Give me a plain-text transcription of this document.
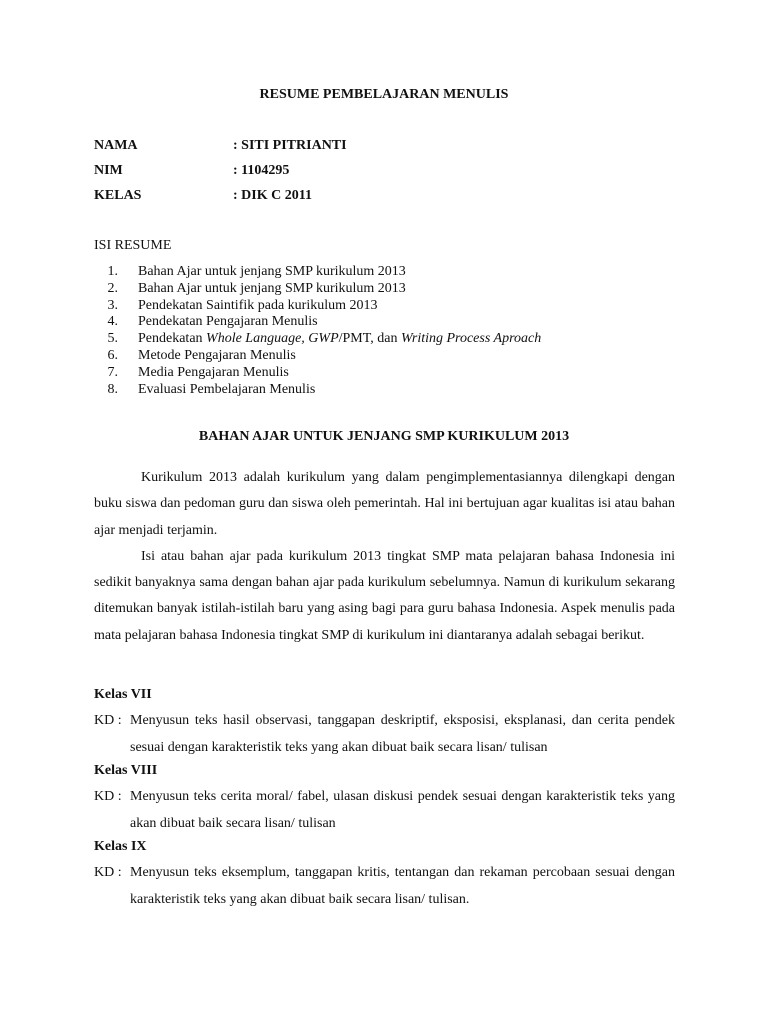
RESUME PEMBELAJARAN MENULIS
NAMA	: SITI PITRIANTI
NIM	: 1104295
KELAS	: DIK C 2011
ISI RESUME
1.	Bahan Ajar untuk jenjang SMP kurikulum 2013
2.	Bahan Ajar untuk jenjang SMP kurikulum 2013
3.	Pendekatan Saintifik pada kurikulum 2013
4.	Pendekatan Pengajaran Menulis
5.	Pendekatan Whole Language, GWP/PMT, dan Writing Process Aproach
6.	Metode Pengajaran Menulis
7.	Media Pengajaran Menulis
8.	Evaluasi Pembelajaran Menulis
BAHAN AJAR UNTUK JENJANG SMP KURIKULUM 2013

Kurikulum 2013 adalah kurikulum yang dalam pengimplementasiannya dilengkapi dengan buku siswa dan pedoman guru dan siswa oleh pemerintah. Hal ini bertujuan agar kualitas isi atau bahan ajar menjadi terjamin.

Isi atau bahan ajar pada kurikulum 2013 tingkat SMP mata pelajaran bahasa Indonesia ini sedikit banyaknya sama dengan bahan ajar pada kurikulum sebelumnya. Namun di kurikulum sekarang ditemukan banyak istilah-istilah baru yang asing bagi para guru bahasa Indonesia. Aspek menulis pada mata pelajaran bahasa Indonesia tingkat SMP di kurikulum ini diantaranya adalah sebagai berikut.

Kelas VII

KD : Menyusun teks hasil observasi, tanggapan deskriptif, eksposisi, eksplanasi, dan cerita pendek sesuai dengan karakteristik teks yang akan dibuat baik secara lisan/ tulisan

Kelas VIII

KD : Menyusun teks cerita moral/ fabel, ulasan diskusi pendek sesuai dengan karakteristik teks yang akan dibuat baik secara lisan/ tulisan

Kelas IX

KD : Menyusun teks eksemplum, tanggapan kritis, tentangan dan rekaman percobaan sesuai dengan karakteristik teks yang akan dibuat baik secara lisan/ tulisan.
